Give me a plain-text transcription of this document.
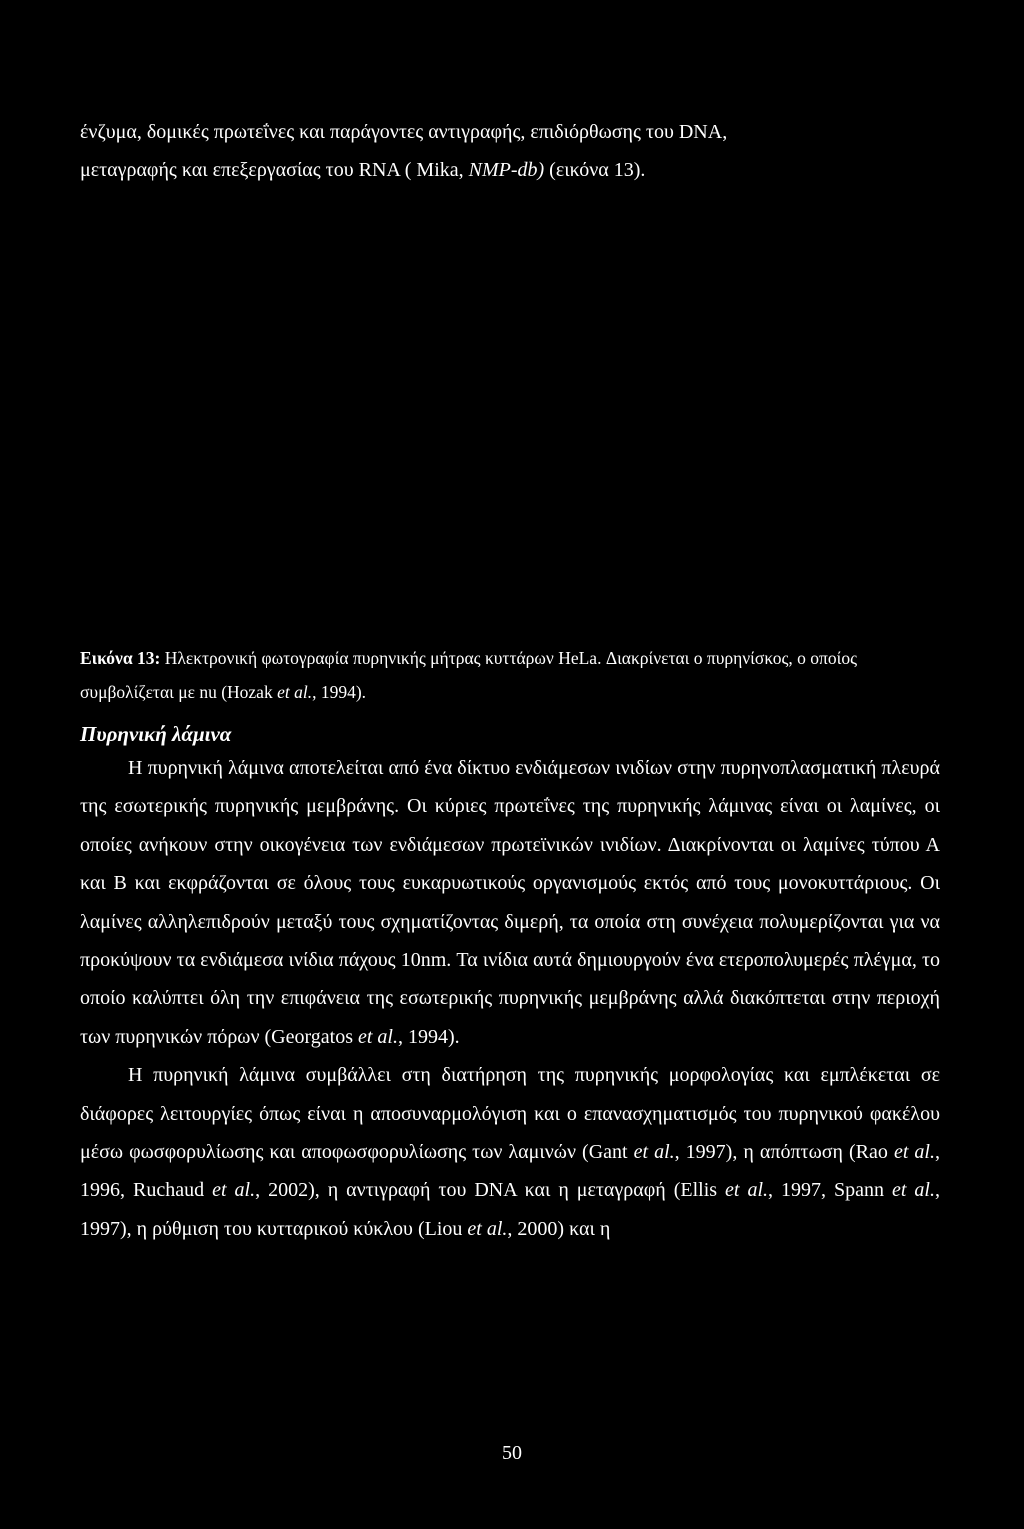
ένζυμα, δομικές πρωτεΐνες και παράγοντες αντιγραφής, επιδιόρθωσης του DNA,
μεταγραφής και επεξεργασίας του RNA ( Mika, NMP-db) (εικόνα 13).
Εικόνα 13: Ηλεκτρονική φωτογραφία πυρηνικής μήτρας κυττάρων HeLa. Διακρίνεται ο πυρηνίσκος, ο οποίος συμβολίζεται με nu (Hozak et al., 1994).
Πυρηνική λάμινα

Η πυρηνική λάμινα αποτελείται από ένα δίκτυο ενδιάμεσων ινιδίων στην πυρηνοπλασματική πλευρά της εσωτερικής πυρηνικής μεμβράνης. Οι κύριες πρωτεΐνες της πυρηνικής λάμινας είναι οι λαμίνες, οι οποίες ανήκουν στην οικογένεια των ενδιάμεσων πρωτεϊνικών ινιδίων. Διακρίνονται οι λαμίνες τύπου Α και Β και εκφράζονται σε όλους τους ευκαρυωτικούς οργανισμούς εκτός από τους μονοκυττάριους. Οι λαμίνες αλληλεπιδρούν μεταξύ τους σχηματίζοντας διμερή, τα οποία στη συνέχεια πολυμερίζονται για να προκύψουν τα ενδιάμεσα ινίδια πάχους 10nm. Τα ινίδια αυτά δημιουργούν ένα ετεροπολυμερές πλέγμα, το οποίο καλύπτει όλη την επιφάνεια της εσωτερικής πυρηνικής μεμβράνης αλλά διακόπτεται στην περιοχή των πυρηνικών πόρων (Georgatos et al., 1994).

Η πυρηνική λάμινα συμβάλλει στη διατήρηση της πυρηνικής μορφολογίας και εμπλέκεται σε διάφορες λειτουργίες όπως είναι η αποσυναρμολόγιση και ο επανασχηματισμός του πυρηνικού φακέλου μέσω φωσφορυλίωσης και αποφωσφορυλίωσης των λαμινών (Gant et al., 1997), η απόπτωση (Rao et al., 1996, Ruchaud et al., 2002), η αντιγραφή του DNA και η μεταγραφή (Ellis et al., 1997, Spann et al., 1997), η ρύθμιση του κυτταρικού κύκλου (Liou et al., 2000) και η

50
